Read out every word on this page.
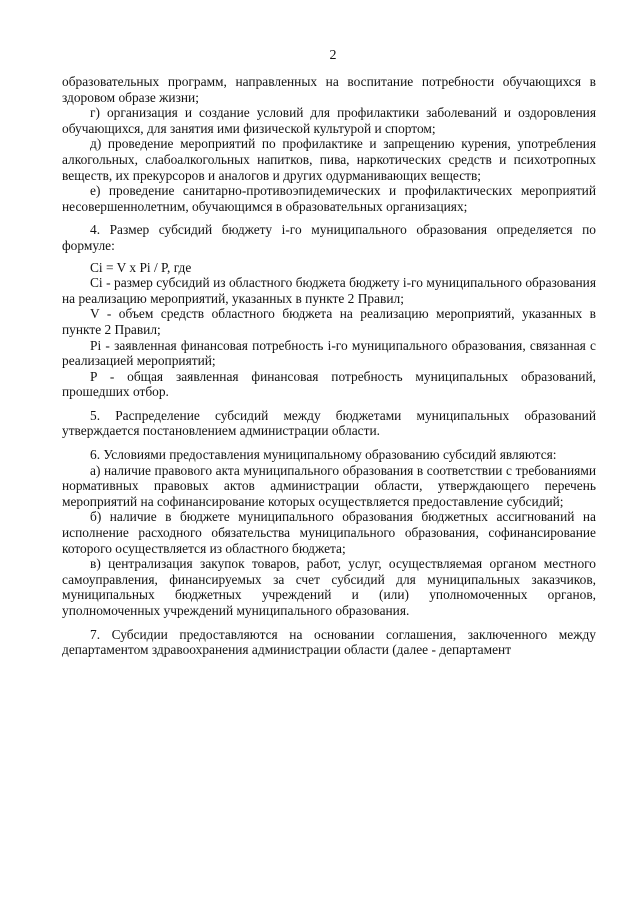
2

образовательных программ, направленных на воспитание потребности обучающихся в здоровом образе жизни;

г) организация и создание условий для профилактики заболеваний и оздоровления обучающихся, для занятия ими физической культурой и спортом;

д) проведение мероприятий по профилактике и запрещению курения, употребления алкогольных, слабоалкогольных напитков, пива, наркотических средств и психотропных веществ, их прекурсоров и аналогов и других одурманивающих веществ;

е) проведение санитарно-противоэпидемических и профилактических мероприятий несовершеннолетним, обучающимся в образовательных организациях;

4. Размер субсидий бюджету i-го муниципального образования определяется по формуле:

Ci = V x Pi / P, где

Ci - размер субсидий из областного бюджета бюджету i-го муниципального образования на реализацию мероприятий, указанных в пункте 2 Правил;

V - объем средств областного бюджета на реализацию мероприятий, указанных в пункте 2 Правил;

Pi - заявленная финансовая потребность i-го муниципального образования, связанная с реализацией мероприятий;

P - общая заявленная финансовая потребность муниципальных образований, прошедших отбор.

5. Распределение субсидий между бюджетами муниципальных образований утверждается постановлением администрации области.

6. Условиями предоставления муниципальному образованию субсидий являются:

а) наличие правового акта муниципального образования в соответствии с требованиями нормативных правовых актов администрации области, утверждающего перечень мероприятий на софинансирование которых осуществляется предоставление субсидий;

б) наличие в бюджете муниципального образования бюджетных ассигнований на исполнение расходного обязательства муниципального образования, софинансирование которого осуществляется из областного бюджета;

в) централизация закупок товаров, работ, услуг, осуществляемая органом местного самоуправления, финансируемых за счет субсидий для муниципальных заказчиков, муниципальных бюджетных учреждений и (или) уполномоченных органов, уполномоченных учреждений муниципального образования.

7. Субсидии предоставляются на основании соглашения, заключенного между департаментом здравоохранения администрации области (далее - департамент
